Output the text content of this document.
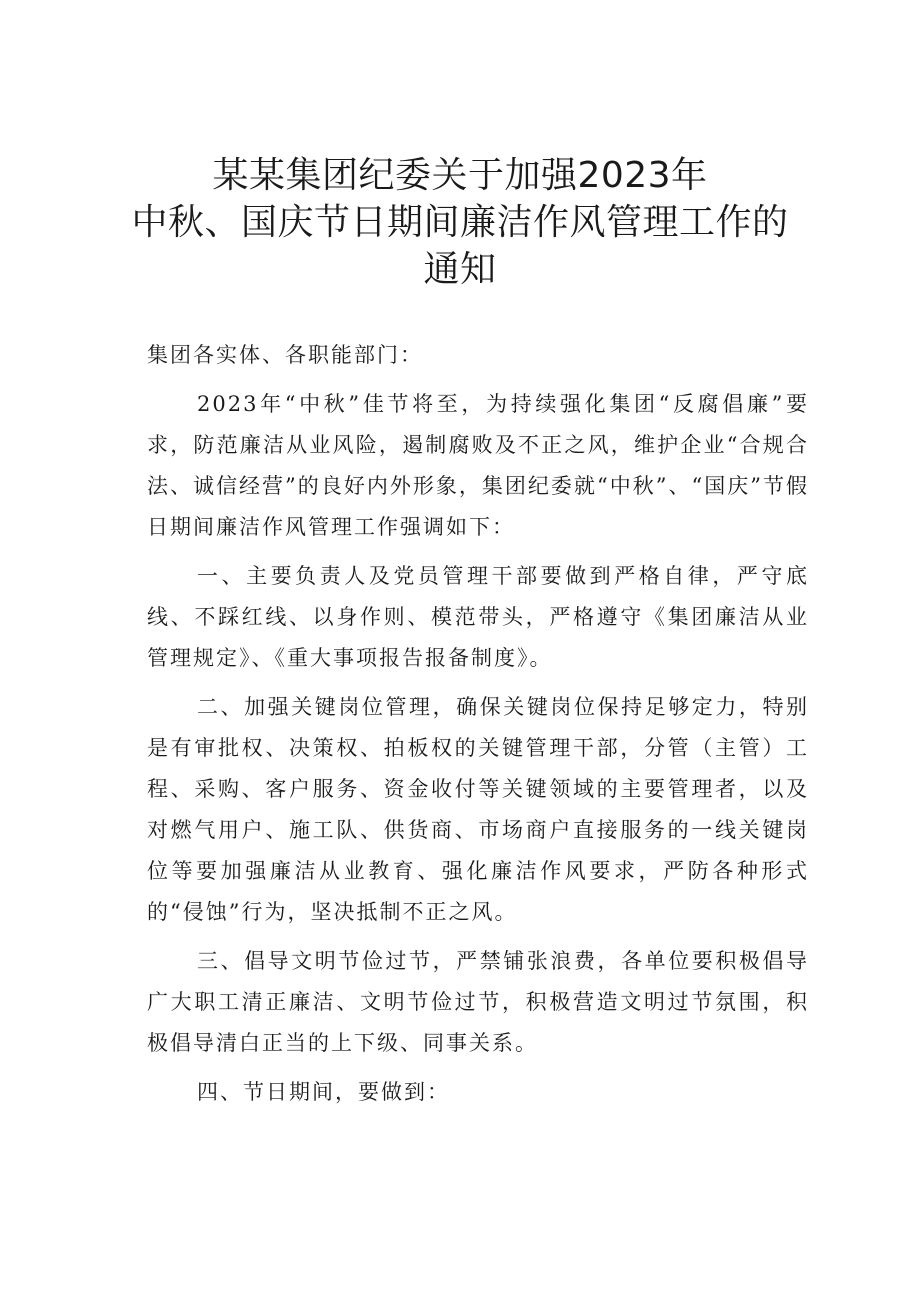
某某集团纪委关于加强2023年
中秋、国庆节日期间廉洁作风管理工作的
通知

集团各实体、各职能部门：

2023年“中秋”佳节将至，为持续强化集团“反腐倡廉”要求，防范廉洁从业风险，遏制腐败及不正之风，维护企业“合规合法、诚信经营”的良好内外形象，集团纪委就“中秋”、“国庆”节假日期间廉洁作风管理工作强调如下：

一、主要负责人及党员管理干部要做到严格自律，严守底线、不踩红线、以身作则、模范带头，严格遵守《集团廉洁从业管理规定》、《重大事项报告报备制度》。

二、加强关键岗位管理，确保关键岗位保持足够定力，特别是有审批权、决策权、拍板权的关键管理干部，分管（主管）工程、采购、客户服务、资金收付等关键领域的主要管理者，以及对燃气用户、施工队、供货商、市场商户直接服务的一线关键岗位等要加强廉洁从业教育、强化廉洁作风要求，严防各种形式的“侵蚀”行为，坚决抵制不正之风。

三、倡导文明节俭过节，严禁铺张浪费，各单位要积极倡导广大职工清正廉洁、文明节俭过节，积极营造文明过节氛围，积极倡导清白正当的上下级、同事关系。

四、节日期间，要做到：
